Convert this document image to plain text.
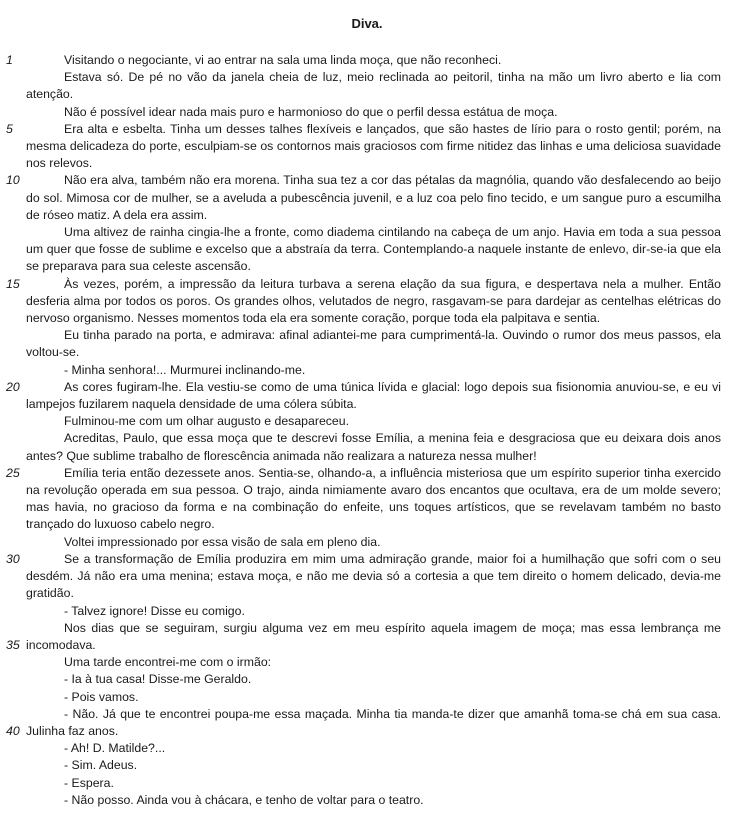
Diva.

Visitando o negociante, vi ao entrar na sala uma linda moça, que não reconheci.
1

Estava só. De pé no vão da janela cheia de luz, meio reclinada ao peitoril, tinha na mão um livro aberto e lia com atenção.

Não é possível idear nada mais puro e harmonioso do que o perfil dessa estátua de moça.

Era alta e esbelta. Tinha um desses talhes flexíveis e lançados, que são hastes de lírio para o rosto gentil; porém, na mesma delicadeza do porte, esculpiam-se os contornos mais graciosos com firme nitidez das linhas e uma deliciosa suavidade nos relevos.
5

Não era alva, também não era morena. Tinha sua tez a cor das pétalas da magnólia, quando vão desfalecendo ao beijo do sol. Mimosa cor de mulher, se a aveluda a pubescência juvenil, e a luz coa pelo fino tecido, e um sangue puro a escumilha de róseo matiz. A dela era assim.
10

Uma altivez de rainha cingia-lhe a fronte, como diadema cintilando na cabeça de um anjo. Havia em toda a sua pessoa um quer que fosse de sublime e excelso que a abstraía da terra. Contemplando-a naquele instante de enlevo, dir-se-ia que ela se preparava para sua celeste ascensão.

Às vezes, porém, a impressão da leitura turbava a serena elação da sua figura, e despertava nela a mulher. Então desferia alma por todos os poros. Os grandes olhos, velutados de negro, rasgavam-se para dardejar as centelhas elétricas do nervoso organismo. Nesses momentos toda ela era somente coração, porque toda ela palpitava e sentia.
15

Eu tinha parado na porta, e admirava: afinal adiantei-me para cumprimentá-la. Ouvindo o rumor dos meus passos, ela voltou-se.

- Minha senhora!... Murmurei inclinando-me.

As cores fugiram-lhe. Ela vestiu-se como de uma túnica lívida e glacial: logo depois sua fisionomia anuviou-se, e eu vi lampejos fuzilarem naquela densidade de uma cólera súbita.
20

Fulminou-me com um olhar augusto e desapareceu.

Acreditas, Paulo, que essa moça que te descrevi fosse Emília, a menina feia e desgraciosa que eu deixara dois anos antes? Que sublime trabalho de florescência animada não realizara a natureza nessa mulher!

Emília teria então dezessete anos. Sentia-se, olhando-a, a influência misteriosa que um espírito superior tinha exercido na revolução operada em sua pessoa. O trajo, ainda nimiamente avaro dos encantos que ocultava, era de um molde severo; mas havia, no gracioso da forma e na combinação do enfeite, uns toques artísticos, que se revelavam também no basto trançado do luxuoso cabelo negro.
25

Voltei impressionado por essa visão de sala em pleno dia.

Se a transformação de Emília produzira em mim uma admiração grande, maior foi a humilhação que sofri com o seu desdém. Já não era uma menina; estava moça, e não me devia só a cortesia a que tem direito o homem delicado, devia-me gratidão.
30

- Talvez ignore! Disse eu comigo.

Nos dias que se seguiram, surgiu alguma vez em meu espírito aquela imagem de moça; mas essa lembrança me incomodava.
35

Uma tarde encontrei-me com o irmão:

- Ia à tua casa! Disse-me Geraldo.

- Pois vamos.

- Não. Já que te encontrei poupa-me essa maçada. Minha tia manda-te dizer que amanhã toma-se chá em sua casa. Julinha faz anos.
40

- Ah! D. Matilde?...

- Sim. Adeus.

- Espera.

- Não posso. Ainda vou à chácara, e tenho de voltar para o teatro.
